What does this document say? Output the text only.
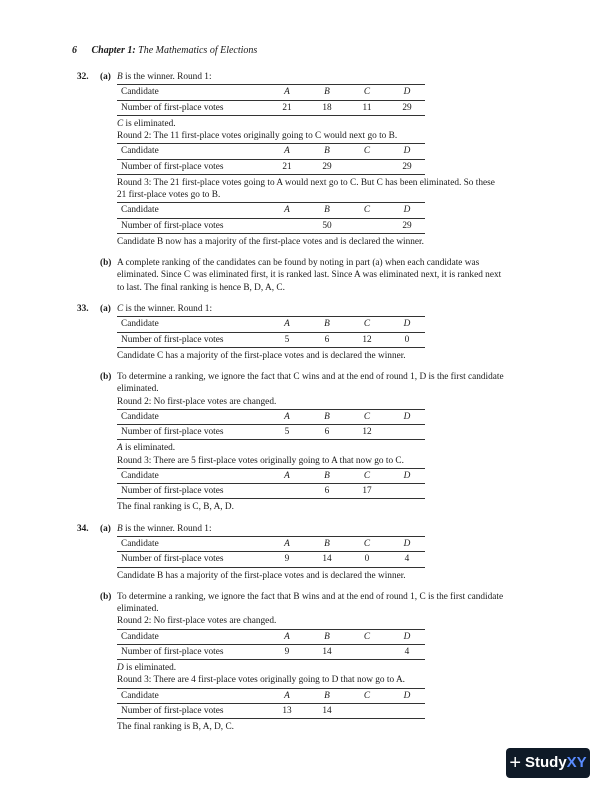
6 Chapter 1: The Mathematics of Elections
32. (a) B is the winner. Round 1:

Candidate	A	B	C	D
Number of first-place votes	21	18	11	29

C is eliminated.

Round 2: The 11 first-place votes originally going to C would next go to B.

Candidate	A	B	C	D
Number of first-place votes	21	29		29

Round 3: The 21 first-place votes going to A would next go to C. But C has been eliminated. So these

21 first-place votes go to B.

Candidate	A	B	C	D
Number of first-place votes		50		29

Candidate B now has a majority of the first-place votes and is declared the winner.

(b) A complete ranking of the candidates can be found by noting in part (a) when each candidate was

eliminated. Since C was eliminated first, it is ranked last. Since A was eliminated next, it is ranked next

to last. The final ranking is hence B, D, A, C.

33. (a) C is the winner. Round 1:

Candidate	A	B	C	D
Number of first-place votes	5	6	12	0

Candidate C has a majority of the first-place votes and is declared the winner.

(b) To determine a ranking, we ignore the fact that C wins and at the end of round 1, D is the first candidate

eliminated.

Round 2: No first-place votes are changed.

Candidate	A	B	C	D
Number of first-place votes	5	6	12	

A is eliminated.

Round 3: There are 5 first-place votes originally going to A that now go to C.

Candidate	A	B	C	D
Number of first-place votes		6	17	

The final ranking is C, B, A, D.

34. (a) B is the winner. Round 1:

Candidate	A	B	C	D
Number of first-place votes	9	14	0	4

Candidate B has a majority of the first-place votes and is declared the winner.

(b) To determine a ranking, we ignore the fact that B wins and at the end of round 1, C is the first candidate

eliminated.

Round 2: No first-place votes are changed.

Candidate	A	B	C	D
Number of first-place votes	9	14		4

D is eliminated.

Round 3: There are 4 first-place votes originally going to D that now go to A.

Candidate	A	B	C	D
Number of first-place votes	13	14		

The final ranking is B, A, D, C.

+ Study XY
